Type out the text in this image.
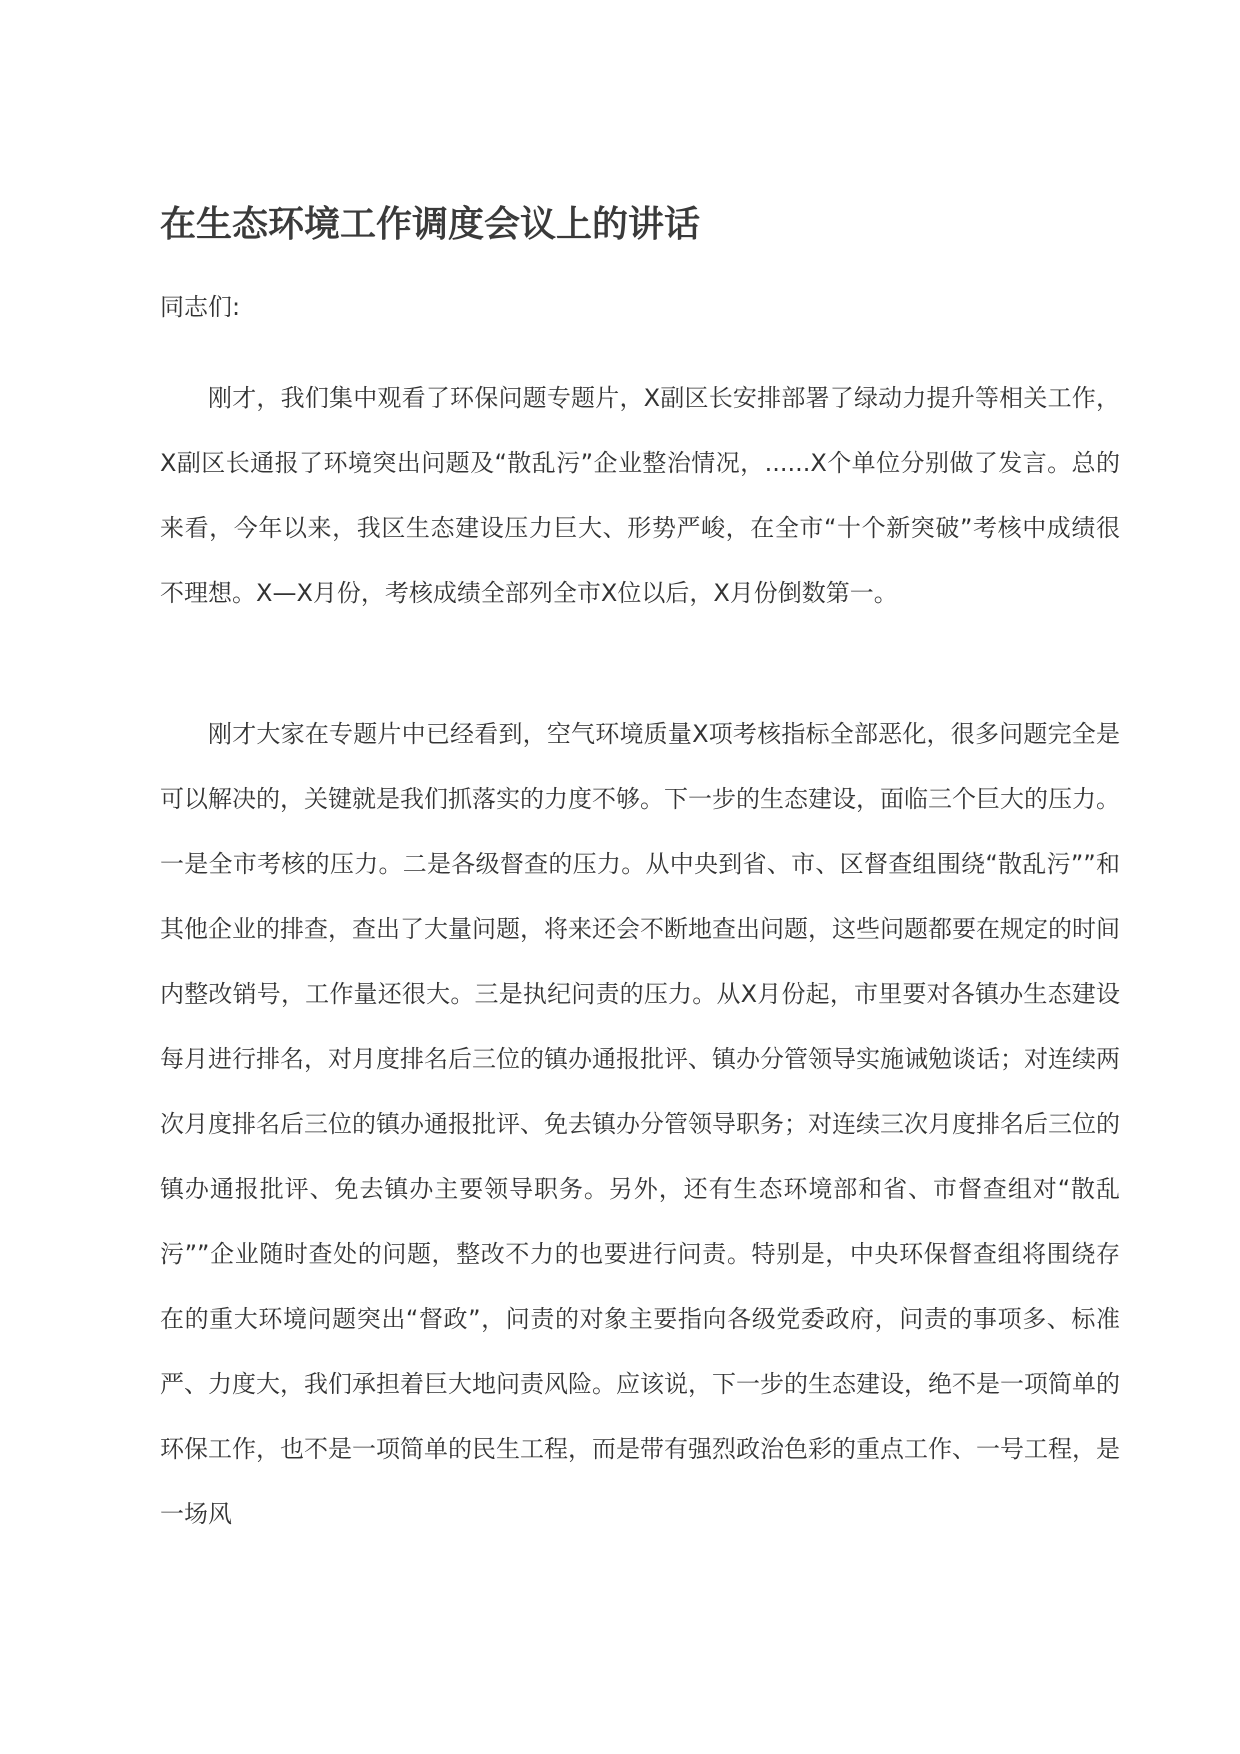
在生态环境工作调度会议上的讲话

同志们:

刚才，我们集中观看了环保问题专题片，X副区长安排部署了绿动力提升等相关工作，X副区长通报了环境突出问题及“散乱污”企业整治情况，......X个单位分别做了发言。总的来看，今年以来，我区生态建设压力巨大、形势严峻，在全市“十个新突破”考核中成绩很不理想。X—X月份，考核成绩全部列全市X位以后，X月份倒数第一。

刚才大家在专题片中已经看到，空气环境质量X项考核指标全部恶化，很多问题完全是可以解决的，关键就是我们抓落实的力度不够。下一步的生态建设，面临三个巨大的压力。一是全市考核的压力。二是各级督查的压力。从中央到省、市、区督查组围绕“散乱污””和其他企业的排查，查出了大量问题，将来还会不断地查出问题，这些问题都要在规定的时间内整改销号，工作量还很大。三是执纪问责的压力。从X月份起，市里要对各镇办生态建设每月进行排名，对月度排名后三位的镇办通报批评、镇办分管领导实施诫勉谈话；对连续两次月度排名后三位的镇办通报批评、免去镇办分管领导职务；对连续三次月度排名后三位的镇办通报批评、免去镇办主要领导职务。另外，还有生态环境部和省、市督查组对“散乱污””企业随时查处的问题，整改不力的也要进行问责。特别是，中央环保督查组将围绕存在的重大环境问题突出“督政”，问责的对象主要指向各级党委政府，问责的事项多、标准严、力度大，我们承担着巨大地问责风险。应该说，下一步的生态建设，绝不是一项简单的环保工作，也不是一项简单的民生工程，而是带有强烈政治色彩的重点工作、一号工程，是一场风
